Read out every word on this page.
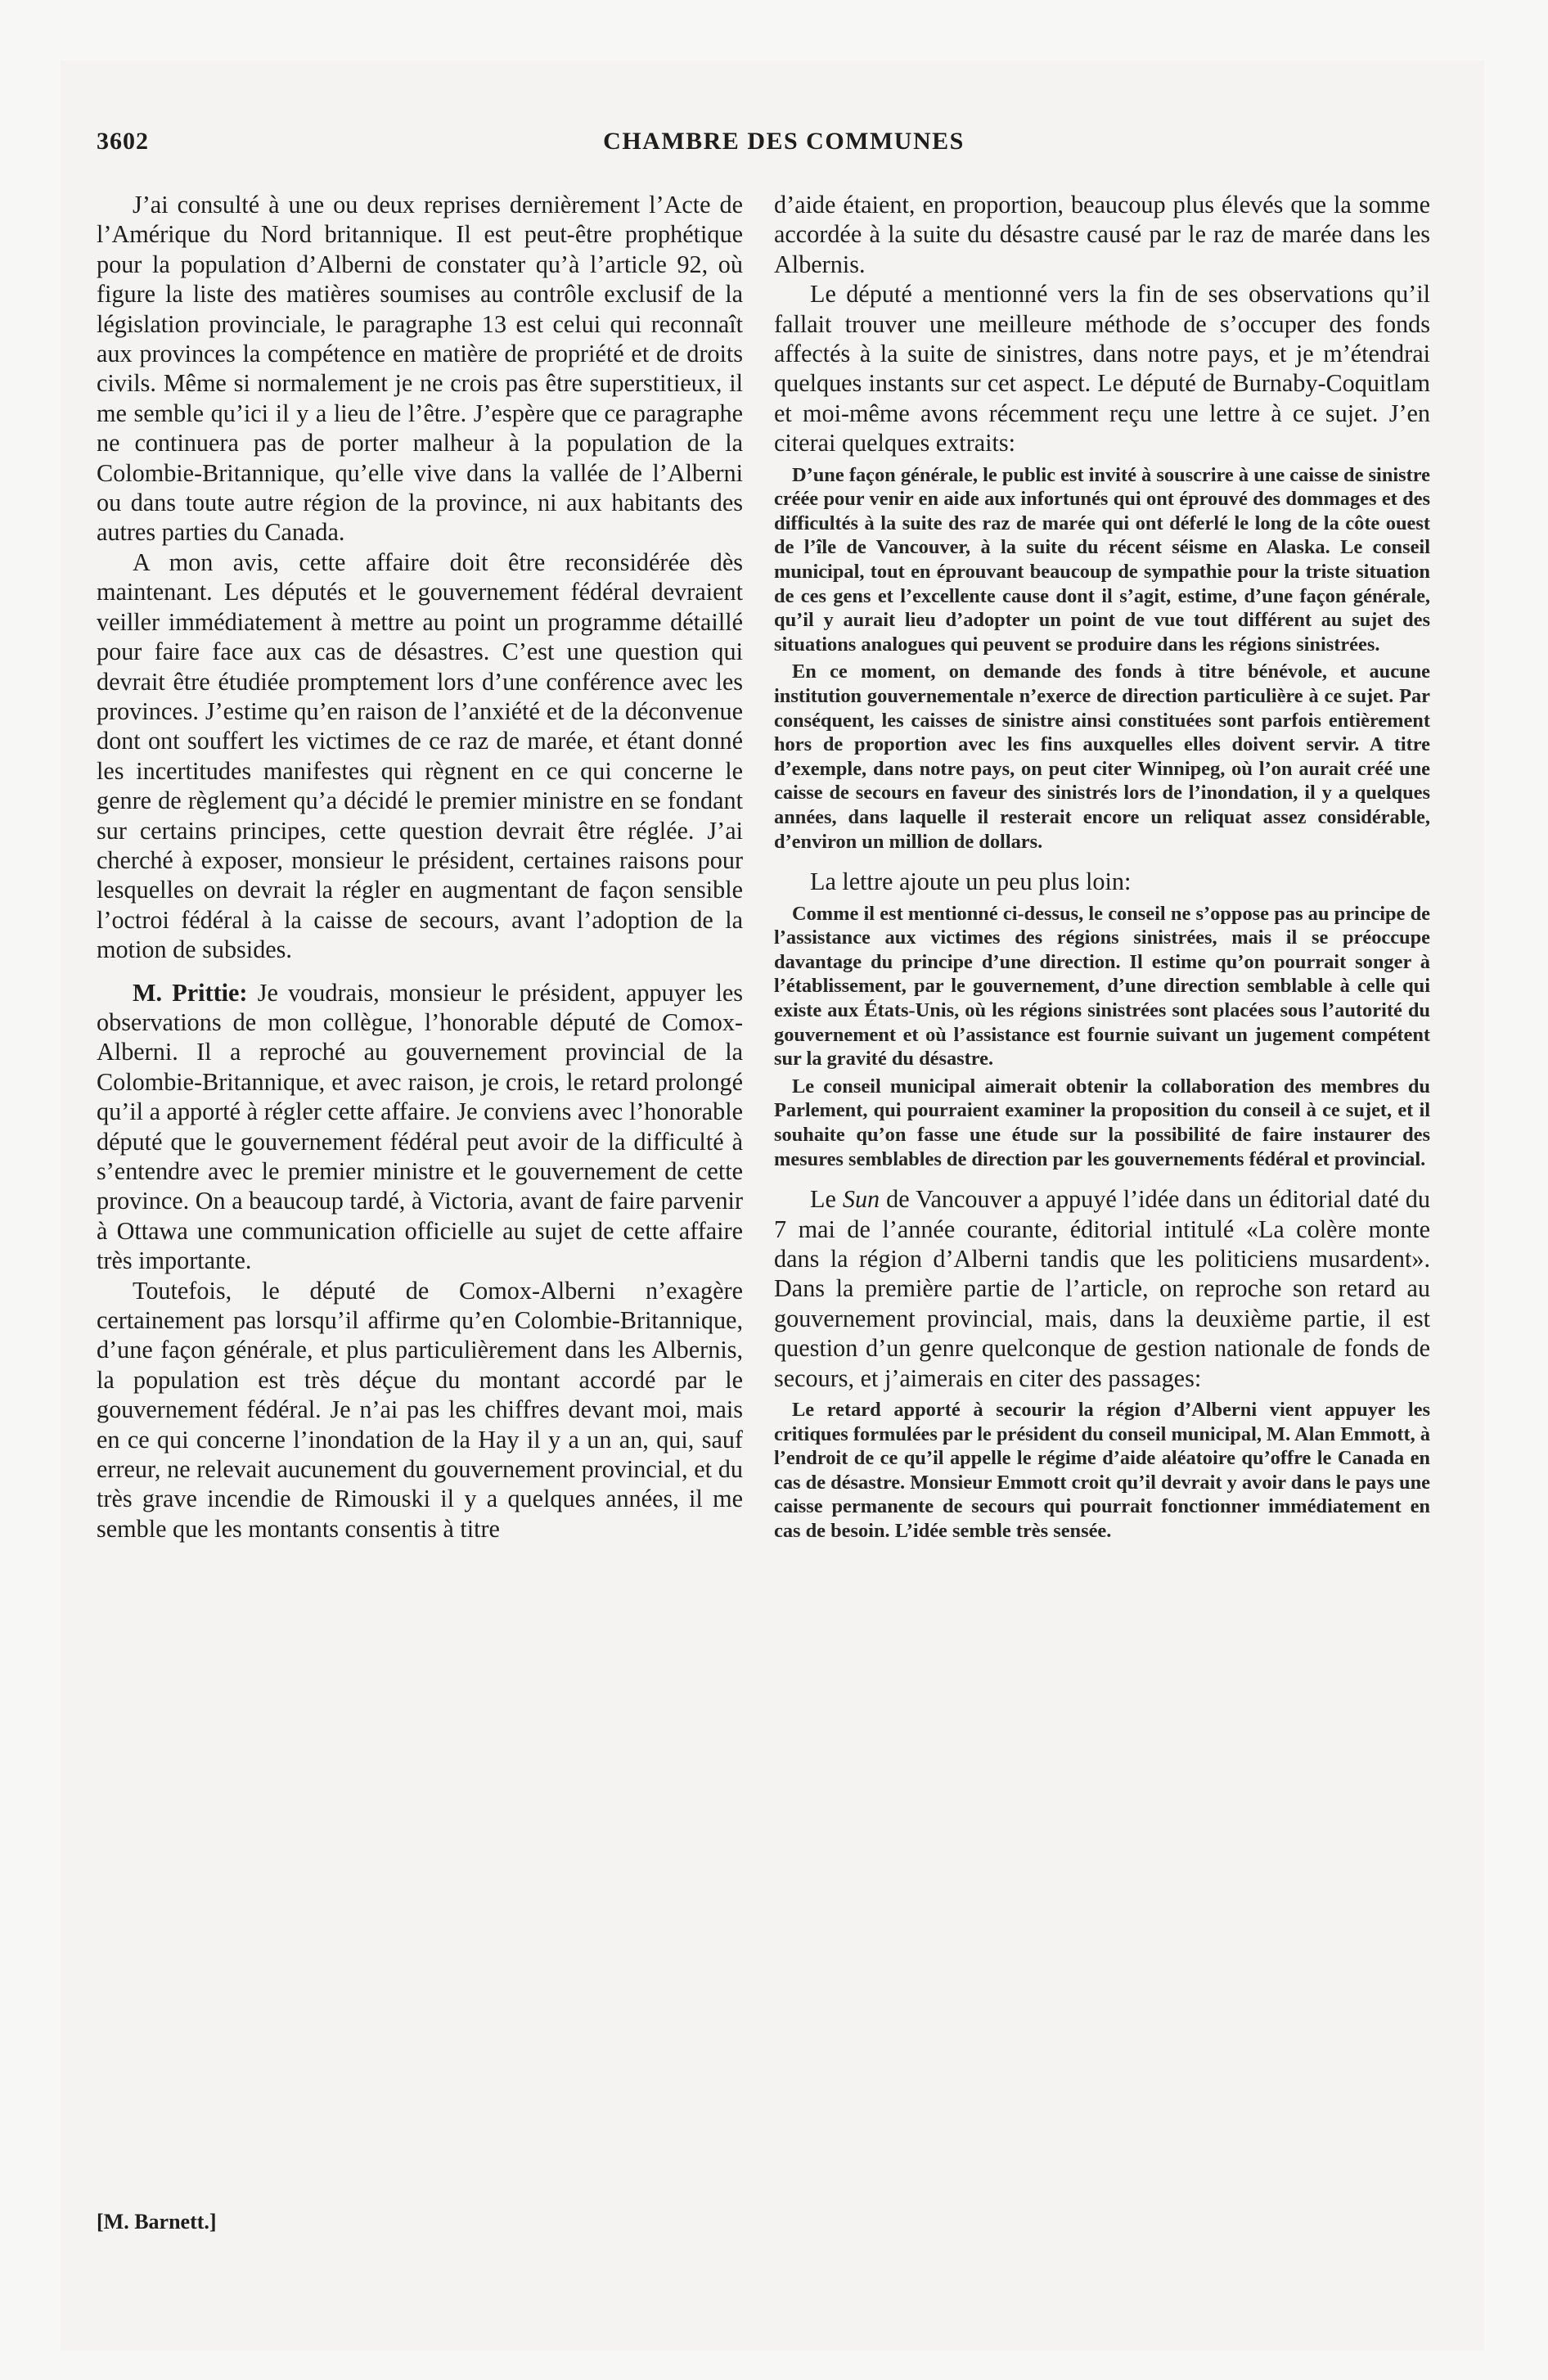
3602	CHAMBRE DES COMMUNES

J’ai consulté à une ou deux reprises dernièrement l’Acte de l’Amérique du Nord britannique. Il est peut-être prophétique pour la population d’Alberni de constater qu’à l’article 92, où figure la liste des matières soumises au contrôle exclusif de la législation provinciale, le paragraphe 13 est celui qui reconnaît aux provinces la compétence en matière de propriété et de droits civils. Même si normalement je ne crois pas être superstitieux, il me semble qu’ici il y a lieu de l’être. J’espère que ce paragraphe ne continuera pas de porter malheur à la population de la Colombie-Britannique, qu’elle vive dans la vallée de l’Alberni ou dans toute autre région de la province, ni aux habitants des autres parties du Canada.

A mon avis, cette affaire doit être reconsidérée dès maintenant. Les députés et le gouvernement fédéral devraient veiller immédiatement à mettre au point un programme détaillé pour faire face aux cas de désastres. C’est une question qui devrait être étudiée promptement lors d’une conférence avec les provinces. J’estime qu’en raison de l’anxiété et de la déconvenue dont ont souffert les victimes de ce raz de marée, et étant donné les incertitudes manifestes qui règnent en ce qui concerne le genre de règlement qu’a décidé le premier ministre en se fondant sur certains principes, cette question devrait être réglée. J’ai cherché à exposer, monsieur le président, certaines raisons pour lesquelles on devrait la régler en augmentant de façon sensible l’octroi fédéral à la caisse de secours, avant l’adoption de la motion de subsides.

M. Prittie: Je voudrais, monsieur le président, appuyer les observations de mon collègue, l’honorable député de Comox-Alberni. Il a reproché au gouvernement provincial de la Colombie-Britannique, et avec raison, je crois, le retard prolongé qu’il a apporté à régler cette affaire. Je conviens avec l’honorable député que le gouvernement fédéral peut avoir de la difficulté à s’entendre avec le premier ministre et le gouvernement de cette province. On a beaucoup tardé, à Victoria, avant de faire parvenir à Ottawa une communication officielle au sujet de cette affaire très importante.

Toutefois, le député de Comox-Alberni n’exagère certainement pas lorsqu’il affirme qu’en Colombie-Britannique, d’une façon générale, et plus particulièrement dans les Albernis, la population est très déçue du montant accordé par le gouvernement fédéral. Je n’ai pas les chiffres devant moi, mais en ce qui concerne l’inondation de la Hay il y a un an, qui, sauf erreur, ne relevait aucunement du gouvernement provincial, et du très grave incendie de Rimouski il y a quelques années, il me semble que les montants consentis à titre

[M. Barnett.]

d’aide étaient, en proportion, beaucoup plus élevés que la somme accordée à la suite du désastre causé par le raz de marée dans les Albernis.

Le député a mentionné vers la fin de ses observations qu’il fallait trouver une meilleure méthode de s’occuper des fonds affectés à la suite de sinistres, dans notre pays, et je m’étendrai quelques instants sur cet aspect. Le député de Burnaby-Coquitlam et moi-même avons récemment reçu une lettre à ce sujet. J’en citerai quelques extraits:

D’une façon générale, le public est invité à souscrire à une caisse de sinistre créée pour venir en aide aux infortunés qui ont éprouvé des dommages et des difficultés à la suite des raz de marée qui ont déferlé le long de la côte ouest de l’île de Vancouver, à la suite du récent séisme en Alaska. Le conseil municipal, tout en éprouvant beaucoup de sympathie pour la triste situation de ces gens et l’excellente cause dont il s’agit, estime, d’une façon générale, qu’il y aurait lieu d’adopter un point de vue tout différent au sujet des situations analogues qui peuvent se produire dans les régions sinistrées.

En ce moment, on demande des fonds à titre bénévole, et aucune institution gouvernementale n’exerce de direction particulière à ce sujet. Par conséquent, les caisses de sinistre ainsi constituées sont parfois entièrement hors de proportion avec les fins auxquelles elles doivent servir. A titre d’exemple, dans notre pays, on peut citer Winnipeg, où l’on aurait créé une caisse de secours en faveur des sinistrés lors de l’inondation, il y a quelques années, dans laquelle il resterait encore un reliquat assez considérable, d’environ un million de dollars.

La lettre ajoute un peu plus loin:

Comme il est mentionné ci-dessus, le conseil ne s’oppose pas au principe de l’assistance aux victimes des régions sinistrées, mais il se préoccupe davantage du principe d’une direction. Il estime qu’on pourrait songer à l’établissement, par le gouvernement, d’une direction semblable à celle qui existe aux États-Unis, où les régions sinistrées sont placées sous l’autorité du gouvernement et où l’assistance est fournie suivant un jugement compétent sur la gravité du désastre.

Le conseil municipal aimerait obtenir la collaboration des membres du Parlement, qui pourraient examiner la proposition du conseil à ce sujet, et il souhaite qu’on fasse une étude sur la possibilité de faire instaurer des mesures semblables de direction par les gouvernements fédéral et provincial.

Le Sun de Vancouver a appuyé l’idée dans un éditorial daté du 7 mai de l’année courante, éditorial intitulé «La colère monte dans la région d’Alberni tandis que les politiciens musardent». Dans la première partie de l’article, on reproche son retard au gouvernement provincial, mais, dans la deuxième partie, il est question d’un genre quelconque de gestion nationale de fonds de secours, et j’aimerais en citer des passages:

Le retard apporté à secourir la région d’Alberni vient appuyer les critiques formulées par le président du conseil municipal, M. Alan Emmott, à l’endroit de ce qu’il appelle le régime d’aide aléatoire qu’offre le Canada en cas de désastre. Monsieur Emmott croit qu’il devrait y avoir dans le pays une caisse permanente de secours qui pourrait fonctionner immédiatement en cas de besoin. L’idée semble très sensée.
